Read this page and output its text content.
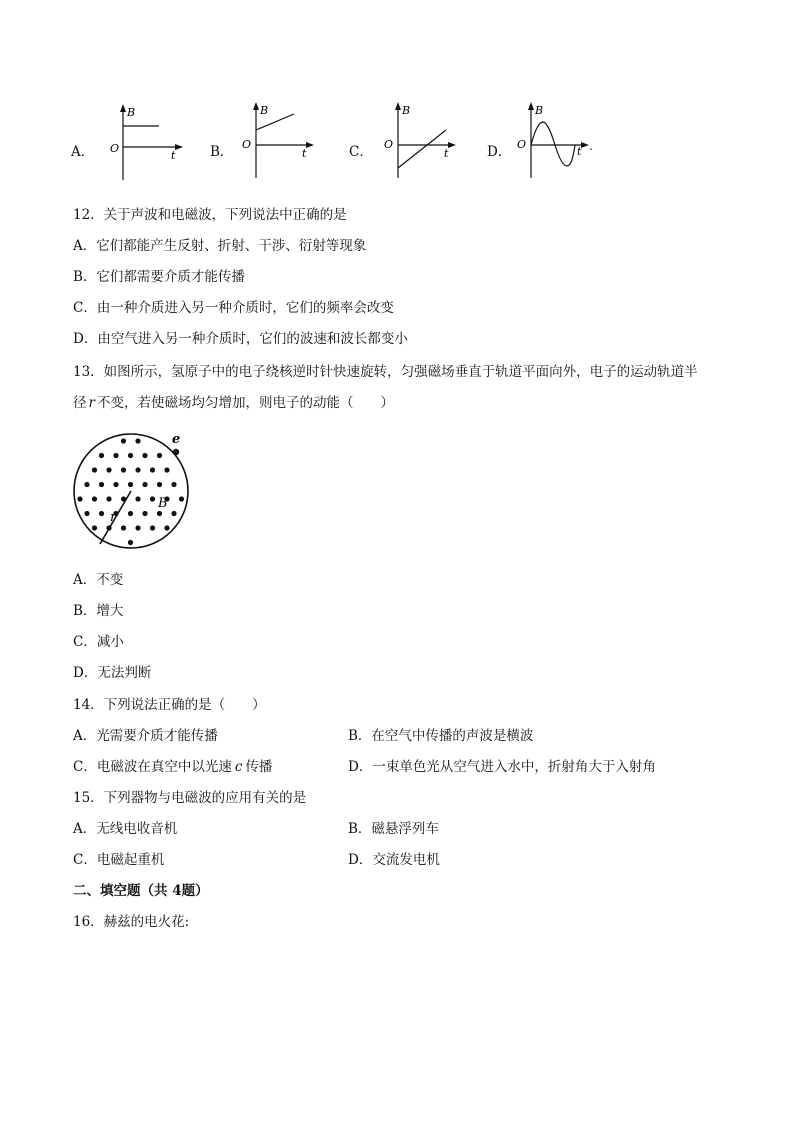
A．
B
O
t	B．
B
O
t	C．
B
O
t	D．
B
O
t
12．关于声波和电磁波，下列说法中正确的是
A．它们都能产生反射、折射、干涉、衍射等现象
B．它们都需要介质才能传播
C．由一种介质进入另一种介质时，它们的频率会改变
D．由空气进入另一种介质时，它们的波速和波长都变小
13．如图所示，氢原子中的电子绕核逆时针快速旋转，匀强磁场垂直于轨道平面向外，电子的运动轨道半
径 r 不变，若使磁场均匀增加，则电子的动能（　　）
e
r
B
A．不变
B．增大
C．减小
D．无法判断
14．下列说法正确的是（　　）
A．光需要介质才能传播	B．在空气中传播的声波是横波
C．电磁波在真空中以光速 c 传播	D．一束单色光从空气进入水中，折射角大于入射角
15．下列器物与电磁波的应用有关的是
A．无线电收音机	B．磁悬浮列车
C．电磁起重机	D．交流发电机
二、填空题（共 4题）
16．赫兹的电火花:
